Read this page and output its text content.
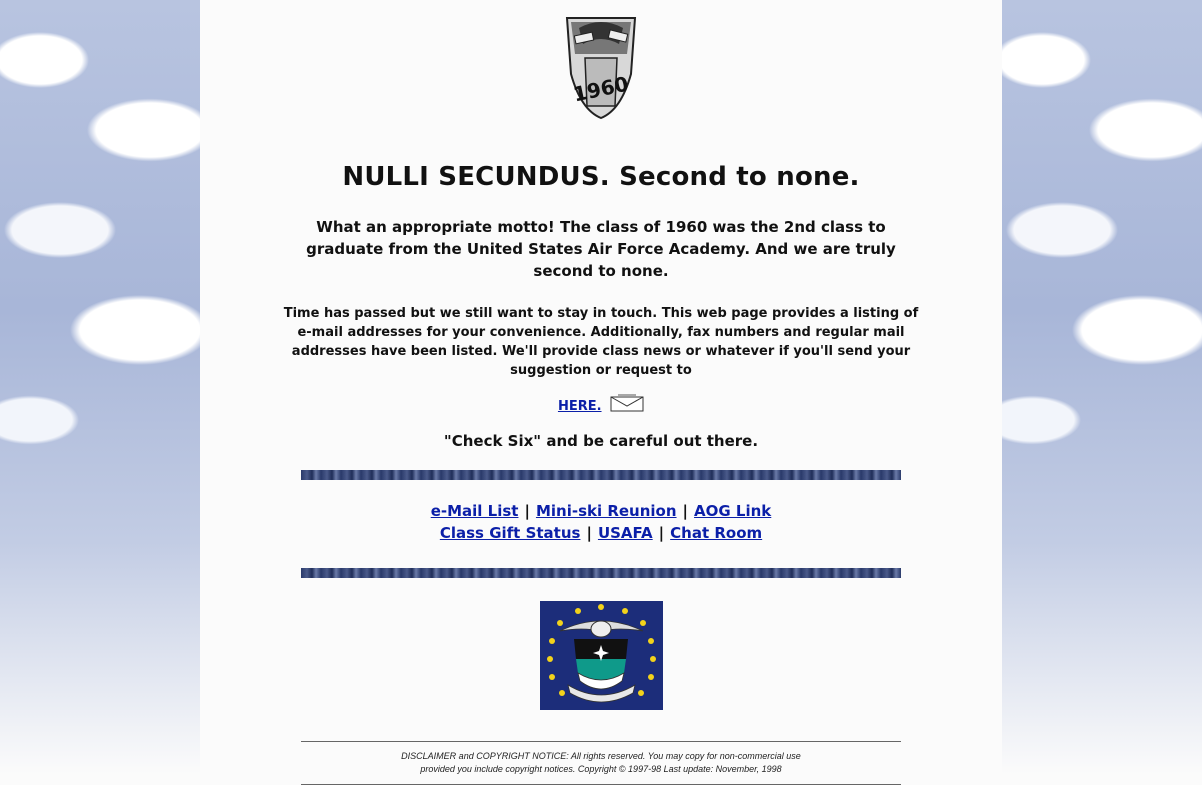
1960
NULLI SECUNDUS. Second to none.
What an appropriate motto! The class of 1960 was the 2nd class to graduate from the United States Air Force Academy. And we are truly second to none.
Time has passed but we still want to stay in touch. This web page provides a listing of e-mail addresses for your convenience. Additionally, fax numbers and regular mail addresses have been listed. We'll provide class news or whatever if you'll send your suggestion or request to
HERE.
"Check Six" and be careful out there.
e-Mail List | Mini-ski Reunion | AOG Link
Class Gift Status | USAFA | Chat Room
DISCLAIMER and COPYRIGHT NOTICE: All rights reserved. You may copy for non-commercial use
provided you include copyright notices. Copyright © 1997-98 Last update: November, 1998
